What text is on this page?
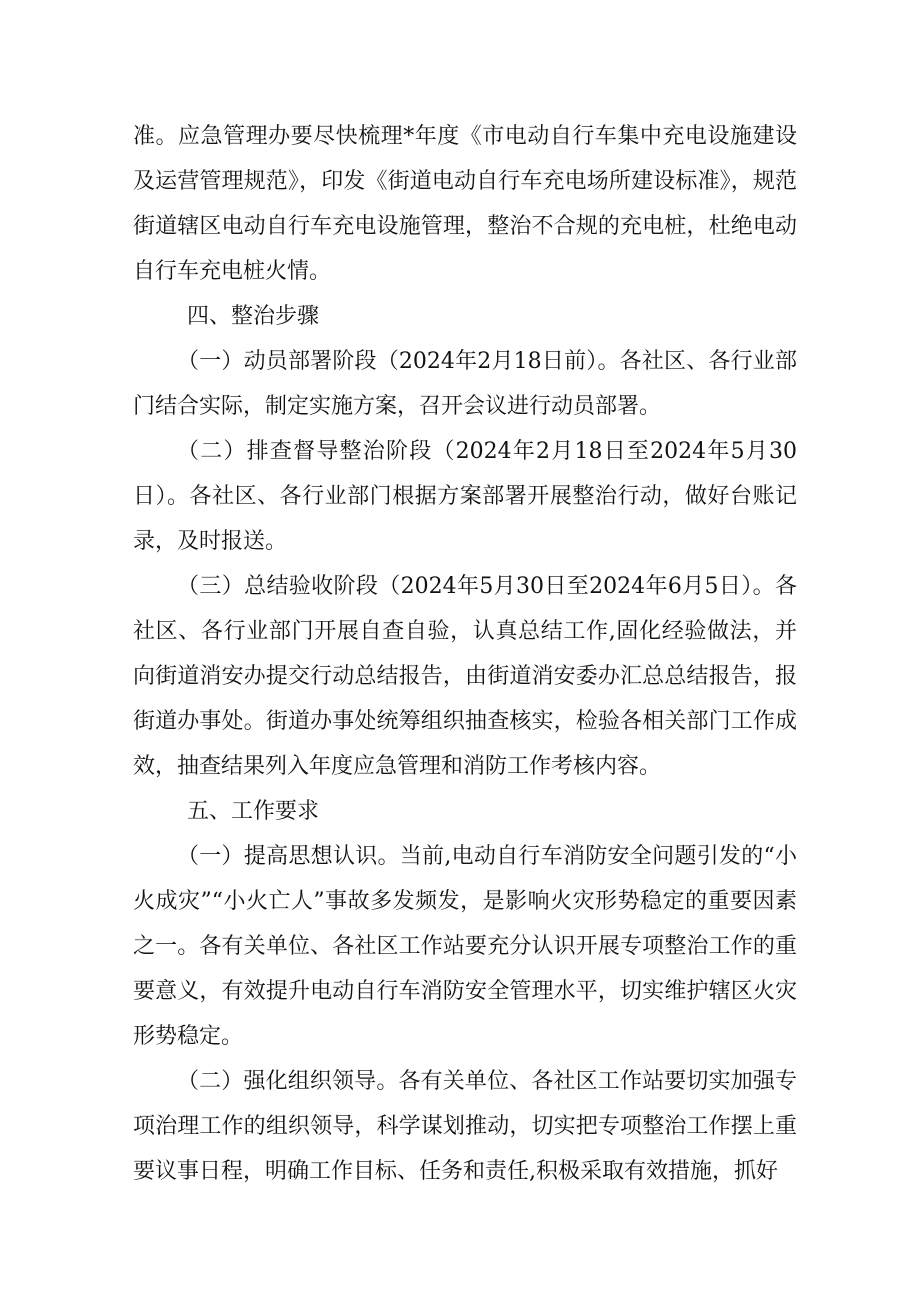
准。应急管理办要尽快梳理*年度《市电动自行车集中充电设施建设及运营管理规范》，印发《街道电动自行车充电场所建设标准》，规范街道辖区电动自行车充电设施管理，整治不合规的充电桩，杜绝电动自行车充电桩火情。

四、整治步骤

（一）动员部署阶段（2024年2月18日前）。各社区、各行业部门结合实际，制定实施方案，召开会议进行动员部署。

（二）排查督导整治阶段（2024年2月18日至2024年5月30日）。各社区、各行业部门根据方案部署开展整治行动，做好台账记录，及时报送。

（三）总结验收阶段（2024年5月30日至2024年6月5日）。各社区、各行业部门开展自查自验，认真总结工作,固化经验做法，并向街道消安办提交行动总结报告，由街道消安委办汇总总结报告，报街道办事处。街道办事处统筹组织抽查核实，检验各相关部门工作成效，抽查结果列入年度应急管理和消防工作考核内容。

五、工作要求

（一）提高思想认识。当前,电动自行车消防安全问题引发的“小火成灾”“小火亡人”事故多发频发，是影响火灾形势稳定的重要因素之一。各有关单位、各社区工作站要充分认识开展专项整治工作的重要意义，有效提升电动自行车消防安全管理水平，切实维护辖区火灾形势稳定。

（二）强化组织领导。各有关单位、各社区工作站要切实加强专项治理工作的组织领导，科学谋划推动，切实把专项整治工作摆上重要议事日程，明确工作目标、任务和责任,积极采取有效措施，抓好
